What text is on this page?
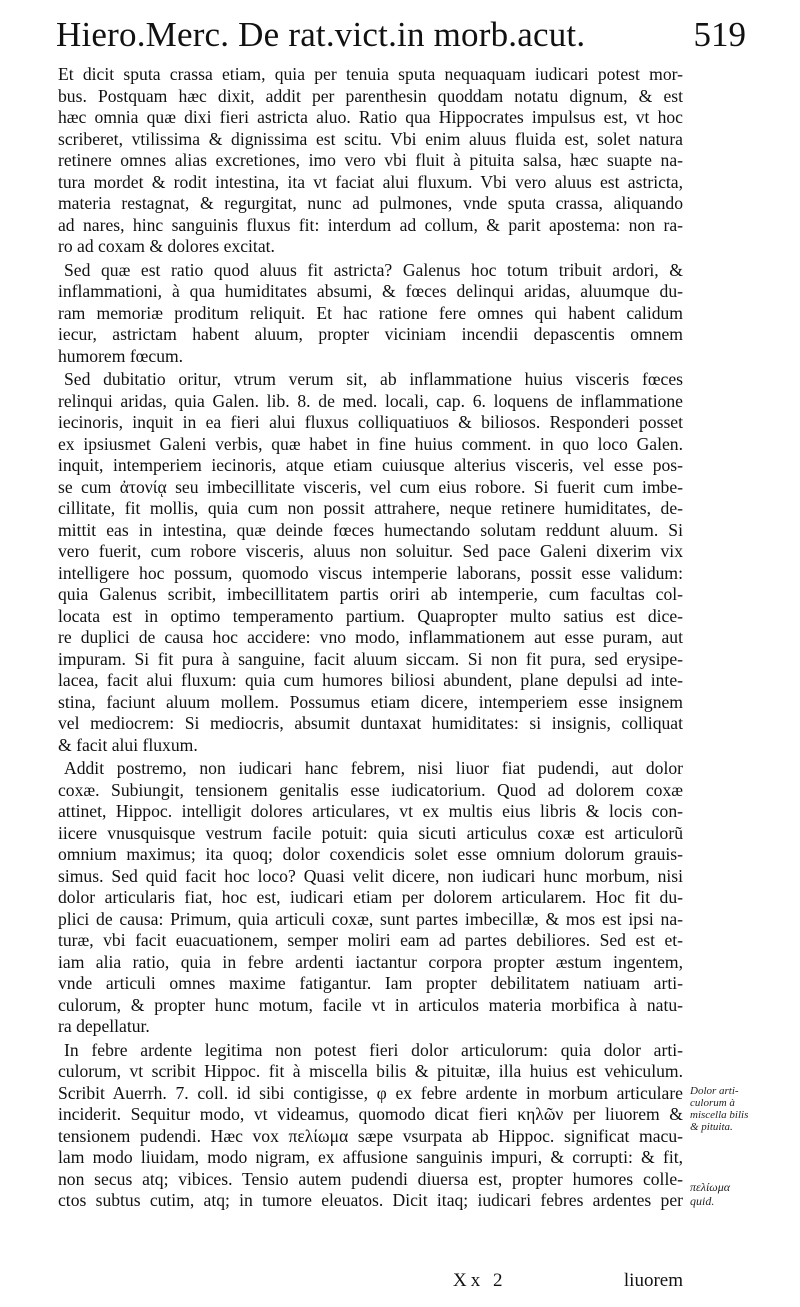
Hiero.Merc. De rat.vict.in morb.acut.	519
Et dicit sputa crassa etiam, quia per tenuia sputa nequaquam iudicari potest mor-
bus. Postquam hæc dixit, addit per parenthesin quoddam notatu dignum, & est
hæc omnia quæ dixi fieri astricta aluo. Ratio qua Hippocrates impulsus est, vt hoc
scriberet, vtilissima & dignissima est scitu. Vbi enim aluus fluida est, solet natura
retinere omnes alias excretiones, imo vero vbi fluit à pituita salsa, hæc suapte na-
tura mordet & rodit intestina, ita vt faciat alui fluxum. Vbi vero aluus est astricta,
materia restagnat, & regurgitat, nunc ad pulmones, vnde sputa crassa, aliquando
ad nares, hinc sanguinis fluxus fit: interdum ad collum, & parit apostema: non ra-
ro ad coxam & dolores excitat.
Sed quæ est ratio quod aluus fit astricta? Galenus hoc totum tribuit ardori, &
inflammationi, à qua humiditates absumi, & fœces delinqui aridas, aluumque du-
ram memoriæ proditum reliquit. Et hac ratione fere omnes qui habent calidum
iecur, astrictam habent aluum, propter viciniam incendii depascentis omnem
humorem fœcum.
Sed dubitatio oritur, vtrum verum sit, ab inflammatione huius visceris fœces
relinqui aridas, quia Galen. lib. 8. de med. locali, cap. 6. loquens de inflammatione
iecinoris, inquit in ea fieri alui fluxus colliquatiuos & biliosos. Responderi posset
ex ipsiusmet Galeni verbis, quæ habet in fine huius comment. in quo loco Galen.
inquit, intemperiem iecinoris, atque etiam cuiusque alterius visceris, vel esse pos-
se cum ἀτονίᾳ seu imbecillitate visceris, vel cum eius robore. Si fuerit cum imbe-
cillitate, fit mollis, quia cum non possit attrahere, neque retinere humiditates, de-
mittit eas in intestina, quæ deinde fœces humectando solutam reddunt aluum. Si
vero fuerit, cum robore visceris, aluus non soluitur. Sed pace Galeni dixerim vix
intelligere hoc possum, quomodo viscus intemperie laborans, possit esse validum:
quia Galenus scribit, imbecillitatem partis oriri ab intemperie, cum facultas col-
locata est in optimo temperamento partium. Quapropter multo satius est dice-
re duplici de causa hoc accidere: vno modo, inflammationem aut esse puram, aut
impuram. Si fit pura à sanguine, facit aluum siccam. Si non fit pura, sed erysipe-
lacea, facit alui fluxum: quia cum humores biliosi abundent, plane depulsi ad inte-
stina, faciunt aluum mollem. Possumus etiam dicere, intemperiem esse insignem
vel mediocrem: Si mediocris, absumit duntaxat humiditates: si insignis, colliquat
& facit alui fluxum.
Addit postremo, non iudicari hanc febrem, nisi liuor fiat pudendi, aut dolor
coxæ. Subiungit, tensionem genitalis esse iudicatorium. Quod ad dolorem coxæ
attinet, Hippoc. intelligit dolores articulares, vt ex multis eius libris & locis con-
iicere vnusquisque vestrum facile potuit: quia sicuti articulus coxæ est articulorũ
omnium maximus; ita quoq; dolor coxendicis solet esse omnium dolorum grauis-
simus. Sed quid facit hoc loco? Quasi velit dicere, non iudicari hunc morbum, nisi
dolor articularis fiat, hoc est, iudicari etiam per dolorem articularem. Hoc fit du-
plici de causa: Primum, quia articuli coxæ, sunt partes imbecillæ, & mos est ipsi na-
turæ, vbi facit euacuationem, semper moliri eam ad partes debiliores. Sed est et-
iam alia ratio, quia in febre ardenti iactantur corpora propter æstum ingentem,
vnde articuli omnes maxime fatigantur. Iam propter debilitatem natiuam arti-
culorum, & propter hunc motum, facile vt in articulos materia morbifica à natu-
ra depellatur.
In febre ardente legitima non potest fieri dolor articulorum: quia dolor arti-
culorum, vt scribit Hippoc. fit à miscella bilis & pituitæ, illa huius est vehiculum.
Scribit Auerrh. 7. coll. id sibi contigisse, φ ex febre ardente in morbum articulare
inciderit. Sequitur modo, vt videamus, quomodo dicat fieri κηλῶν per liuorem &
tensionem pudendi. Hæc vox πελίωμα sæpe vsurpata ab Hippoc. significat macu-
lam modo liuidam, modo nigram, ex affusione sanguinis impuri, & corrupti: & fit,
non secus atq; vibices. Tensio autem pudendi diuersa est, propter humores colle-
ctos subtus cutim, atq; in tumore eleuatos. Dicit itaq; iudicari febres ardentes per
Dolor arti-
culorum à
miscella bilis
& pituita.
πελίωμα
quid.
Xx 2	liuorem
